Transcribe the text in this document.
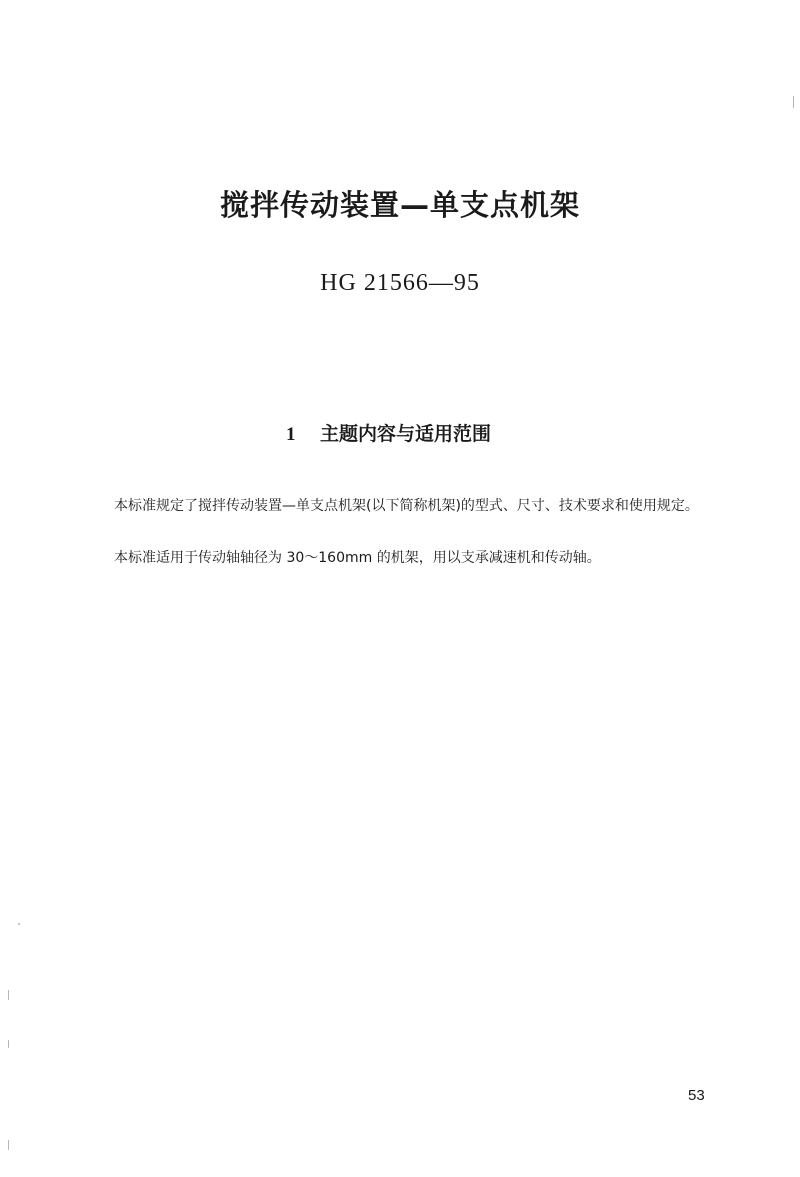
搅拌传动装置—单支点机架
HG 21566—95
1 主题内容与适用范围
本标准规定了搅拌传动装置—单支点机架(以下简称机架)的型式、尺寸、技术要求和使用规定。
本标准适用于传动轴轴径为 30～160mm 的机架，用以支承减速机和传动轴。
53
